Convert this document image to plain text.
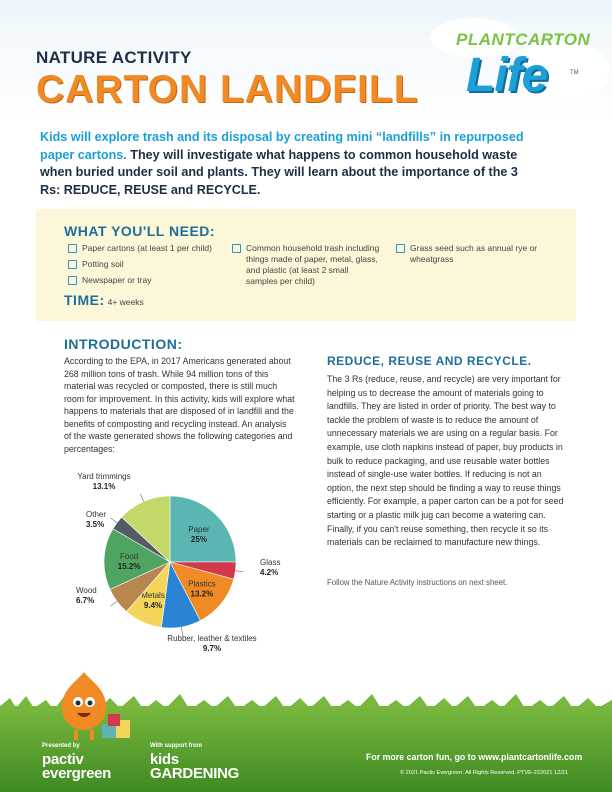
NATURE ACTIVITY
CARTON LANDFILL
PLANTCARTON
Life	TM
Kids will explore trash and its disposal by creating mini “landfills” in repurposed paper cartons. They will investigate what happens to common household waste when buried under soil and plants. They will learn about the importance of the 3 Rs: REDUCE, REUSE and RECYCLE.
WHAT YOU'LL NEED:
Paper cartons (at least 1 per child)
Potting soil
Newspaper or tray
Common household trash including things made of paper, metal, glass, and plastic (at least 2 small samples per child)
Grass seed such as annual rye or wheatgrass
TIME: 4+ weeks
INTRODUCTION:
According to the EPA, in 2017 Americans generated about 268 million tons of trash. While 94 million tons of this material was recycled or composted, there is still much room for improvement. In this activity, kids will explore what happens to materials that are disposed of in landfill and the benefits of composting and recycling instead. An analysis of the waste generated shows the following categories and percentages:
Paper
25%
Glass
4.2%
Plastics
13.2%
Rubber, leather & textiles
9.7%
Metals
9.4%
Wood
6.7%
Food
15.2%
Other
3.5%
Yard trimmings
13.1%
REDUCE, REUSE AND RECYCLE.
The 3 Rs (reduce, reuse, and recycle) are very important for helping us to decrease the amount of materials going to landfills. They are listed in order of priority. The best way to tackle the problem of waste is to reduce the amount of unnecessary materials we are using on a regular basis. For example, use cloth napkins instead of paper, buy products in bulk to reduce packaging, and use reusable water bottles instead of single-use water bottles. If reducing is not an option, the next step should be finding a way to reuse things efficiently. For example, a paper carton can be a pot for seed starting or a plastic milk jug can become a watering can. Finally, if you can't reuse something, then recycle it so its materials can be reclaimed to manufacture new things.
Follow the Nature Activity instructions on next sheet.
Presented by
pactiv evergreen
With support from
kids GARDENING
For more carton fun, go to www.plantcartonlife.com
© 2021 Pactiv Evergreen. All Rights Reserved. PTVE-222021 12/21
